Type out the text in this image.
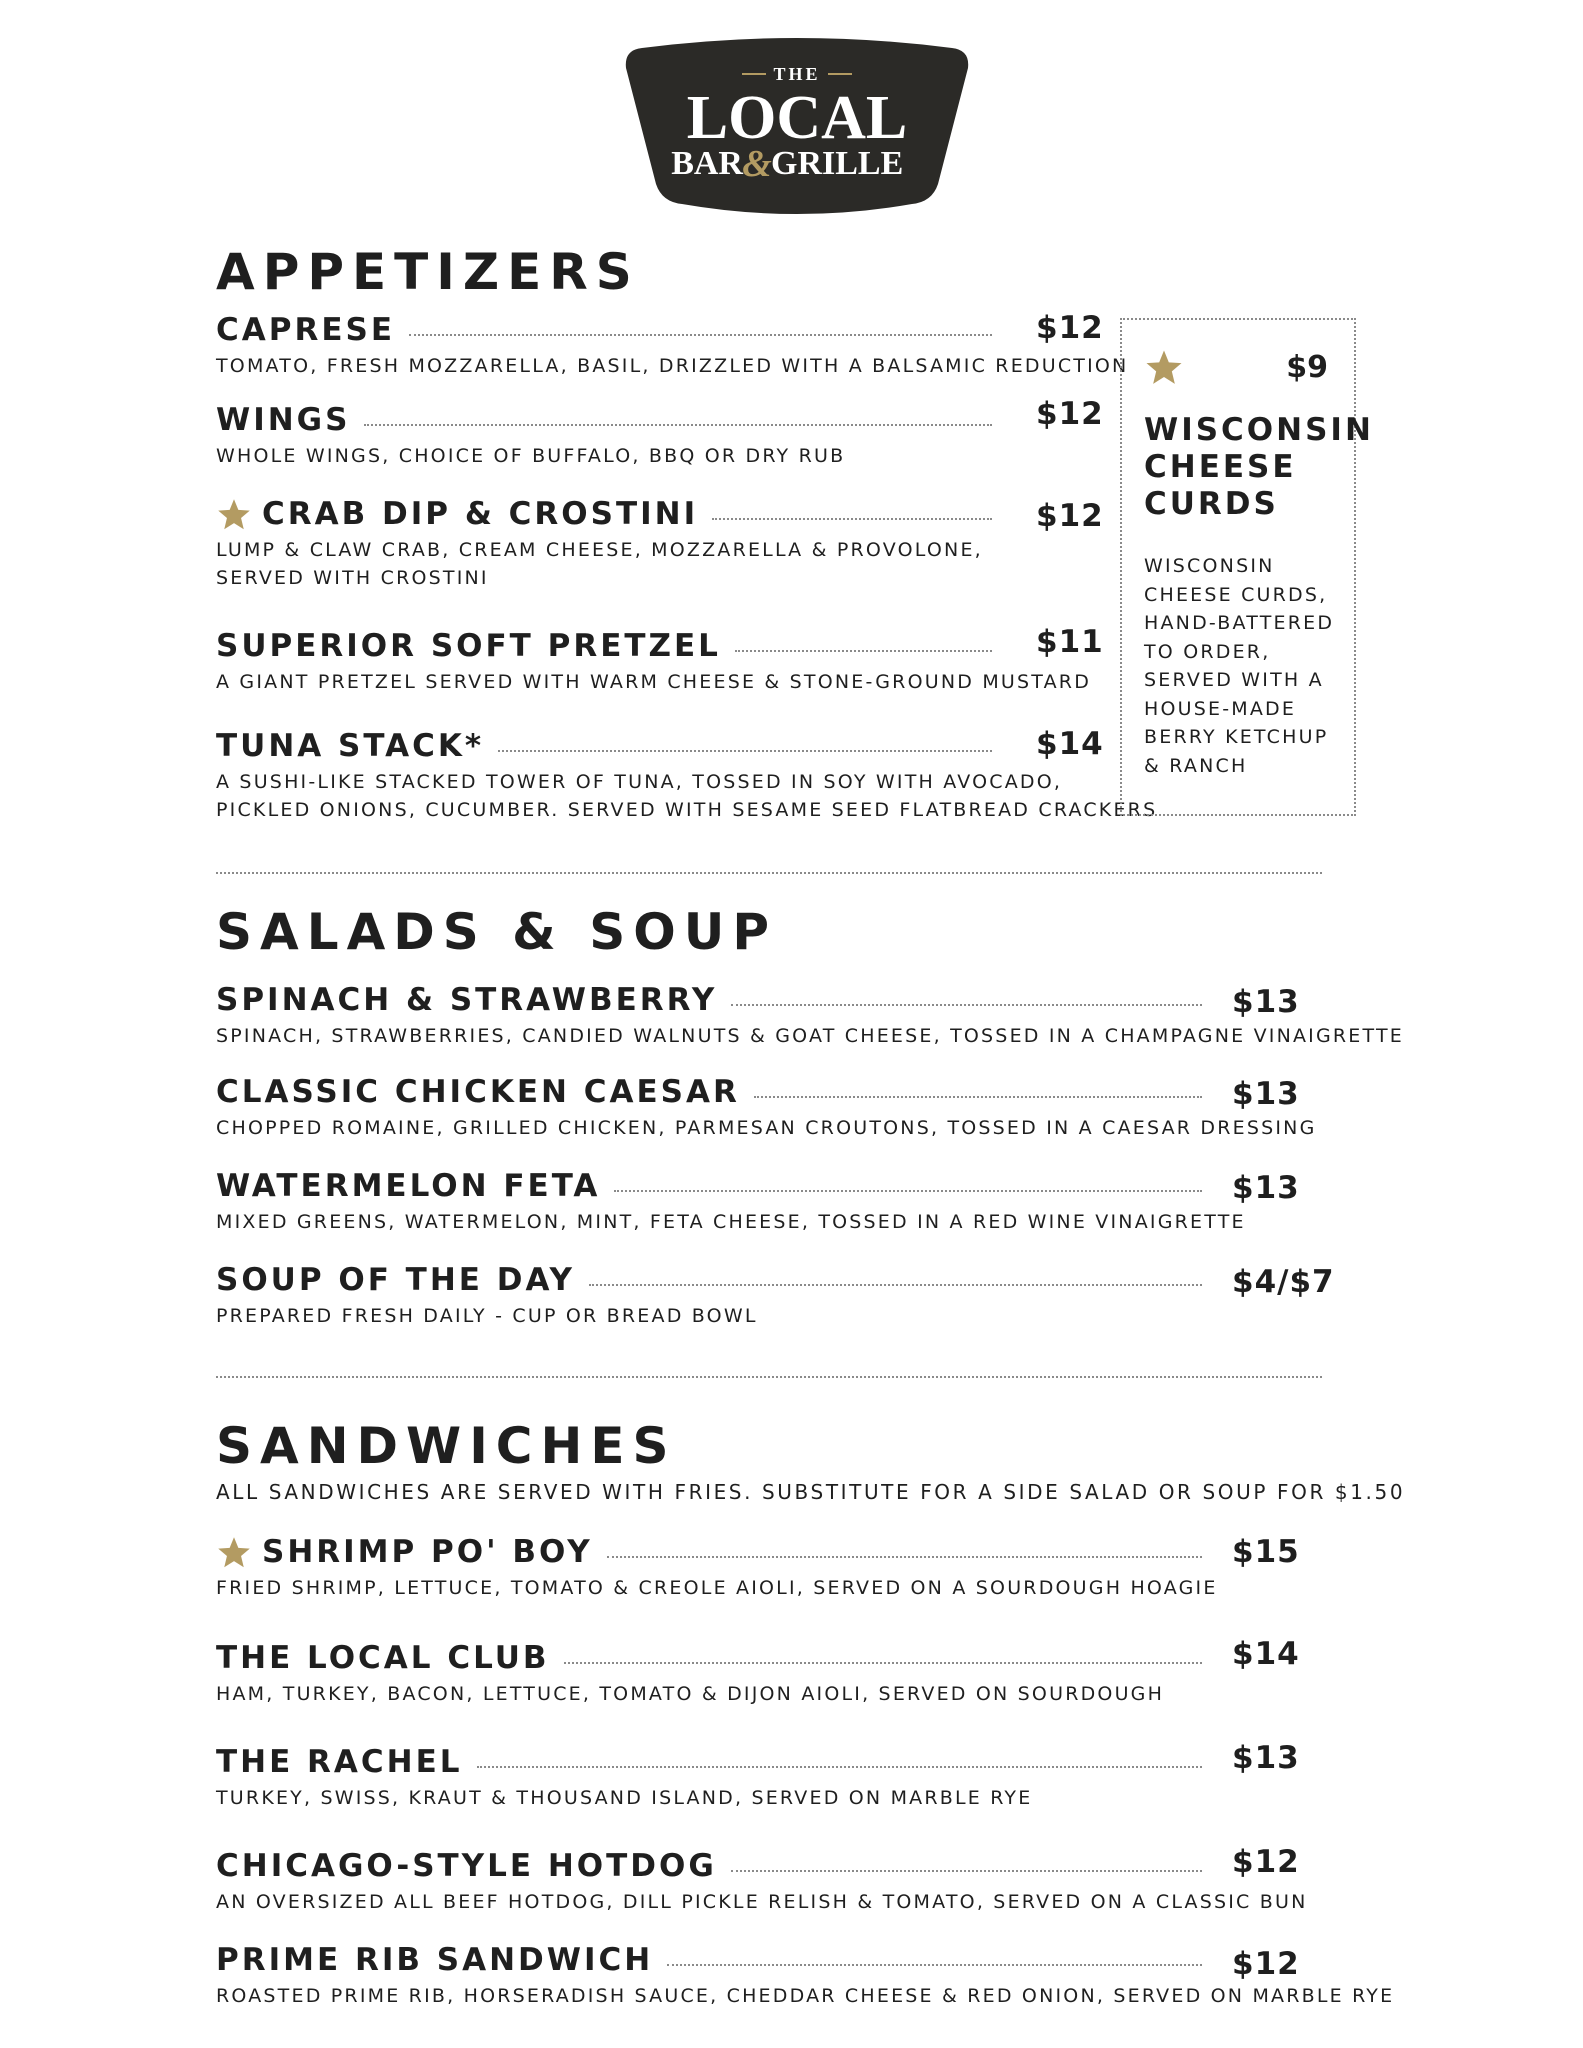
THE
LOCAL
BAR & GRILLE
APPETIZERS
CAPRESE
TOMATO, FRESH MOZZARELLA, BASIL, DRIZZLED WITH A BALSAMIC REDUCTION
$12
WINGS
WHOLE WINGS, CHOICE OF BUFFALO, BBQ OR DRY RUB
$12
CRAB DIP & CROSTINI
LUMP & CLAW CRAB, CREAM CHEESE, MOZZARELLA & PROVOLONE,
SERVED WITH CROSTINI
$12
SUPERIOR SOFT PRETZEL
A GIANT PRETZEL SERVED WITH WARM CHEESE & STONE-GROUND MUSTARD
$11
TUNA STACK*
A SUSHI-LIKE STACKED TOWER OF TUNA, TOSSED IN SOY WITH AVOCADO,
PICKLED ONIONS, CUCUMBER. SERVED WITH SESAME SEED FLATBREAD CRACKERS
$14
$9
WISCONSIN
CHEESE
CURDS
WISCONSIN
CHEESE CURDS,
HAND-BATTERED
TO ORDER,
SERVED WITH A
HOUSE-MADE
BERRY KETCHUP
& RANCH
SALADS & SOUP
SPINACH & STRAWBERRY
SPINACH, STRAWBERRIES, CANDIED WALNUTS & GOAT CHEESE, TOSSED IN A CHAMPAGNE VINAIGRETTE
$13
CLASSIC CHICKEN CAESAR
CHOPPED ROMAINE, GRILLED CHICKEN, PARMESAN CROUTONS, TOSSED IN A CAESAR DRESSING
$13
WATERMELON FETA
MIXED GREENS, WATERMELON, MINT, FETA CHEESE, TOSSED IN A RED WINE VINAIGRETTE
$13
SOUP OF THE DAY
PREPARED FRESH DAILY - CUP OR BREAD BOWL
$4/$7
SANDWICHES
ALL SANDWICHES ARE SERVED WITH FRIES. SUBSTITUTE FOR A SIDE SALAD OR SOUP FOR $1.50
SHRIMP PO' BOY
FRIED SHRIMP, LETTUCE, TOMATO & CREOLE AIOLI, SERVED ON A SOURDOUGH HOAGIE
$15
THE LOCAL CLUB
HAM, TURKEY, BACON, LETTUCE, TOMATO & DIJON AIOLI, SERVED ON SOURDOUGH
$14
THE RACHEL
TURKEY, SWISS, KRAUT & THOUSAND ISLAND, SERVED ON MARBLE RYE
$13
CHICAGO-STYLE HOTDOG
AN OVERSIZED ALL BEEF HOTDOG, DILL PICKLE RELISH & TOMATO, SERVED ON A CLASSIC BUN
$12
PRIME RIB SANDWICH
ROASTED PRIME RIB, HORSERADISH SAUCE, CHEDDAR CHEESE & RED ONION, SERVED ON MARBLE RYE
$12
